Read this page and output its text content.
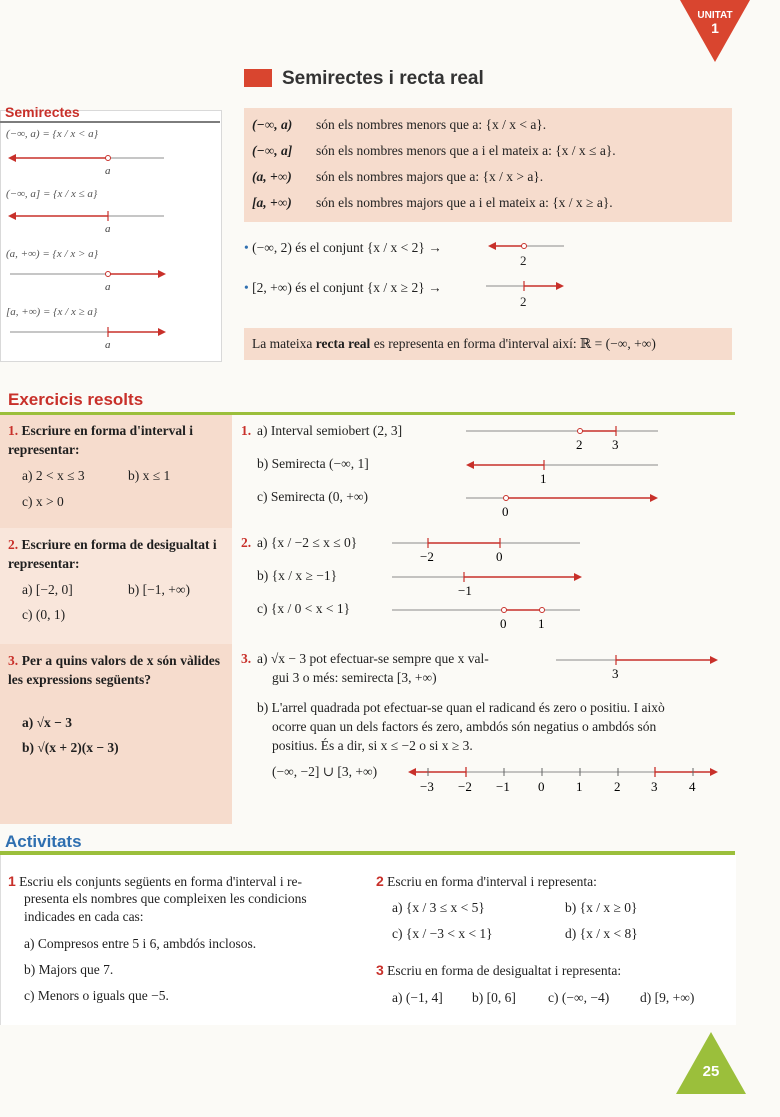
UNITAT
1
Semirectes i recta real
Semirectes
(−∞, a) = {x / x < a}
a
(−∞, a] = {x / x ≤ a}
a
(a, +∞) = {x / x > a}
a
[a, +∞) = {x / x ≥ a}
a
(−∞, a) són els nombres menors que a: {x / x < a}.
(−∞, a] són els nombres menors que a i el mateix a: {x / x ≤ a}.
(a, +∞) són els nombres majors que a: {x / x > a}.
[a, +∞) són els nombres majors que a i el mateix a: {x / x ≥ a}.
• (−∞, 2) és el conjunt {x / x < 2} →
2
• [2, +∞) és el conjunt {x / x ≥ 2} →
2
La mateixa recta real es representa en forma d'interval així: ℝ = (−∞, +∞)
Exercicis resolts
1. Escriure en forma d'interval i representar:
a) 2 < x ≤ 3	b) x ≤ 1
c) x > 0
2. Escriure en forma de desigualtat i representar:
a) [−2, 0]	b) [−1, +∞)
c) (0, 1)
3. Per a quins valors de x són vàlides les expressions següents?
a) √x − 3
b) √(x + 2)(x − 3)
1. a) Interval semiobert (2, 3]
2 3
b) Semirecta (−∞, 1]
1
c) Semirecta (0, +∞)
0
2. a) {x / −2 ≤ x ≤ 0}
−2	0
b) {x / x ≥ −1}
−1
c) {x / 0 < x < 1}
0 1
3. a) √x − 3 pot efectuar-se sempre que x val-
gui 3 o més: semirecta [3, +∞)	3
b) L'arrel quadrada pot efectuar-se quan el radicand és zero o positiu. I això
ocorre quan un dels factors és zero, ambdós són negatius o ambdós són
positius. És a dir, si x ≤ −2 o si x ≥ 3.
(−∞, −2] ∪ [3, +∞)
−3 −2 −1 0 1 2 3 4
Activitats
1 Escriu els conjunts següents en forma d'interval i re-
presenta els nombres que compleixen les condicions
indicades en cada cas:
a) Compresos entre 5 i 6, ambdós inclosos.
b) Majors que 7.
c) Menors o iguals que −5.
2 Escriu en forma d'interval i representa:
a) {x / 3 ≤ x < 5}	b) {x / x ≥ 0}
c) {x / −3 < x < 1}	d) {x / x < 8}
3 Escriu en forma de desigualtat i representa:
a) (−1, 4] b) [0, 6] c) (−∞, −4) d) [9, +∞)
25
